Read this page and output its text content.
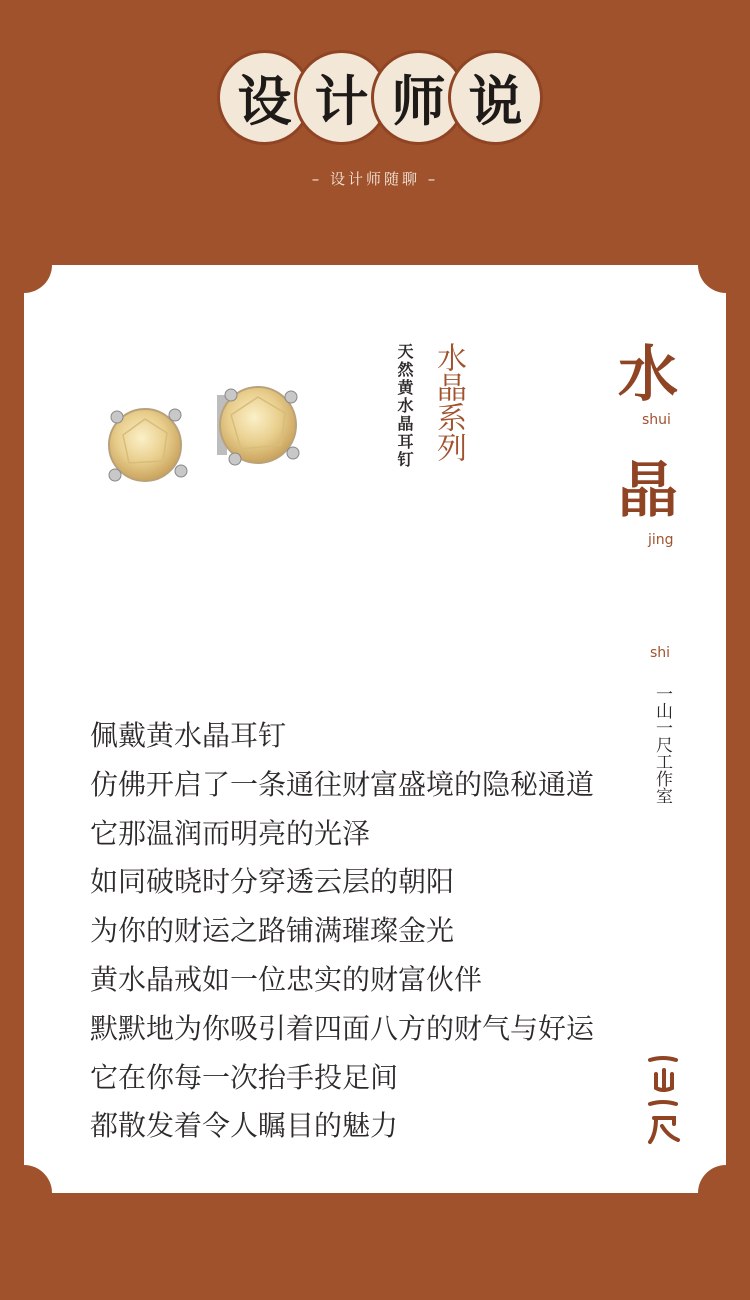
设 计 师 说
– 设计师随聊 –
天然黄水晶耳钉 水晶系列	水
shui
晶
jing
shi
一山一尺工作室
佩戴黄水晶耳钉
仿佛开启了一条通往财富盛境的隐秘通道
它那温润而明亮的光泽
如同破晓时分穿透云层的朝阳
为你的财运之路铺满璀璨金光
黄水晶戒如一位忠实的财富伙伴
默默地为你吸引着四面八方的财气与好运
它在你每一次抬手投足间
都散发着令人瞩目的魅力
